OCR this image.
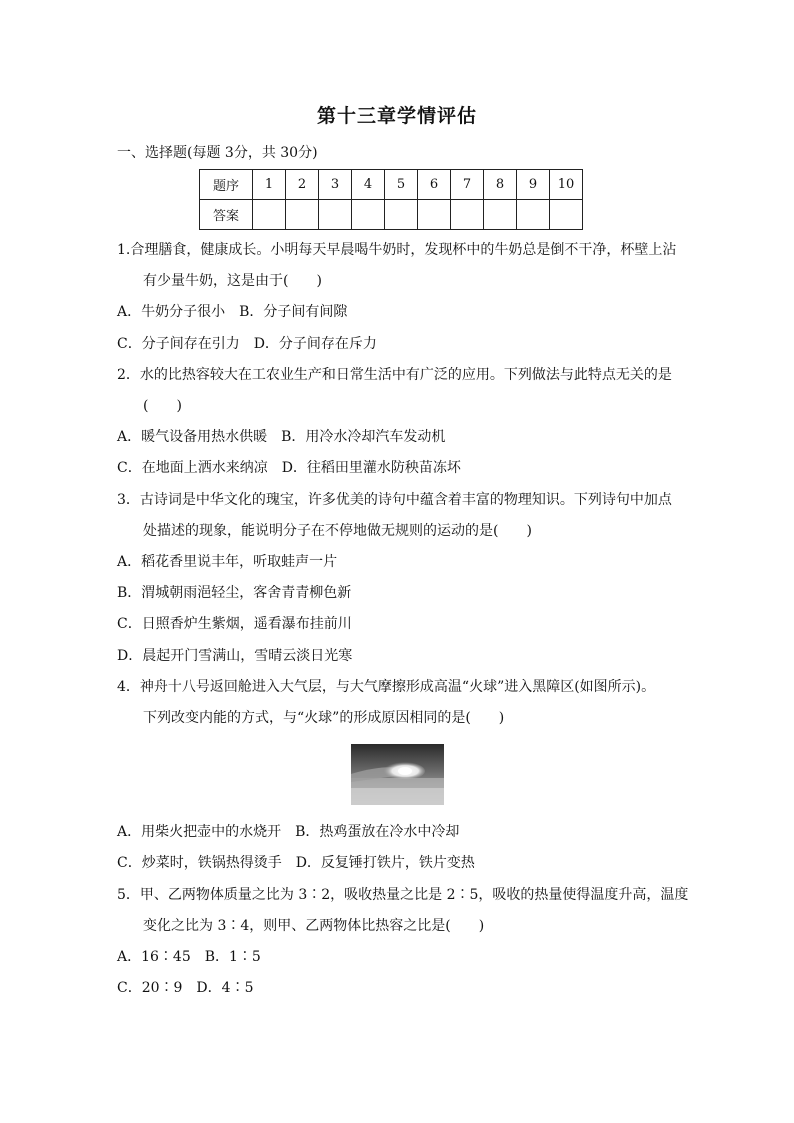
第十三章学情评估
一、选择题(每题 3分，共 30分)
题序	1	2	3	4	5	6	7	8	9	10
答案										
1.合理膳食，健康成长。小明每天早晨喝牛奶时，发现杯中的牛奶总是倒不干净，杯壁上沾
有少量牛奶，这是由于(　　)
A．牛奶分子很小　B．分子间有间隙
C．分子间存在引力　D．分子间存在斥力
2．水的比热容较大在工农业生产和日常生活中有广泛的应用。下列做法与此特点无关的是
(　　)
A．暖气设备用热水供暖　B．用冷水冷却汽车发动机
C．在地面上洒水来纳凉　D．往稻田里灌水防秧苗冻坏
3．古诗词是中华文化的瑰宝，许多优美的诗句中蕴含着丰富的物理知识。下列诗句中加点
处描述的现象，能说明分子在不停地做无规则的运动的是(　　)
A．稻花香里说丰年，听取蛙声一片
B．渭城朝雨浥轻尘，客舍青青柳色新
C．日照香炉生紫烟，遥看瀑布挂前川
D．晨起开门雪满山，雪晴云淡日光寒
4．神舟十八号返回舱进入大气层，与大气摩擦形成高温“火球”进入黑障区(如图所示)。
下列改变内能的方式，与“火球”的形成原因相同的是(　　)
A．用柴火把壶中的水烧开　B．热鸡蛋放在冷水中冷却
C．炒菜时，铁锅热得烫手　D．反复锤打铁片，铁片变热
5．甲、乙两物体质量之比为 3∶2，吸收热量之比是 2∶5，吸收的热量使得温度升高，温度
变化之比为 3∶4，则甲、乙两物体比热容之比是(　　)
A．16∶45　B．1∶5
C．20∶9　D．4∶5
